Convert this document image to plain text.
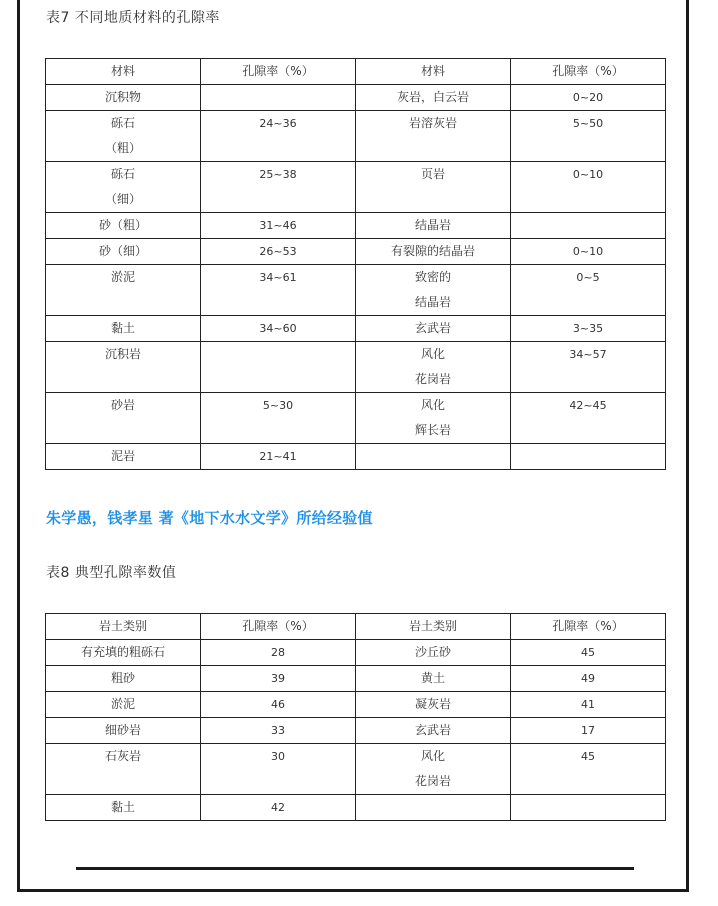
表7 不同地质材料的孔隙率
材料	孔隙率（%）	材料	孔隙率（%）
沉积物		灰岩，白云岩	0~20

砾石
（粗）	24~36	岩溶灰岩	5~50

砾石
（细）	25~38	页岩	0~10

砂（粗）	31~46	结晶岩	

砂（细）	26~53	有裂隙的结晶岩	0~10

淤泥	34~61	致密的
结晶岩	0~5

黏土	34~60	玄武岩	3~35

沉积岩		风化
花岗岩	34~57

砂岩	5~30	风化
辉长岩	42~45

泥岩	21~41		

朱学愚，钱孝星 著《地下水水文学》所给经验值
表8 典型孔隙率数值
岩土类别	孔隙率（%）	岩土类别	孔隙率（%）
有充填的粗砾石	28	沙丘砂	45

粗砂	39	黄土	49

淤泥	46	凝灰岩	41

细砂岩	33	玄武岩	17

石灰岩	30	风化
花岗岩	45

黏土	42		
